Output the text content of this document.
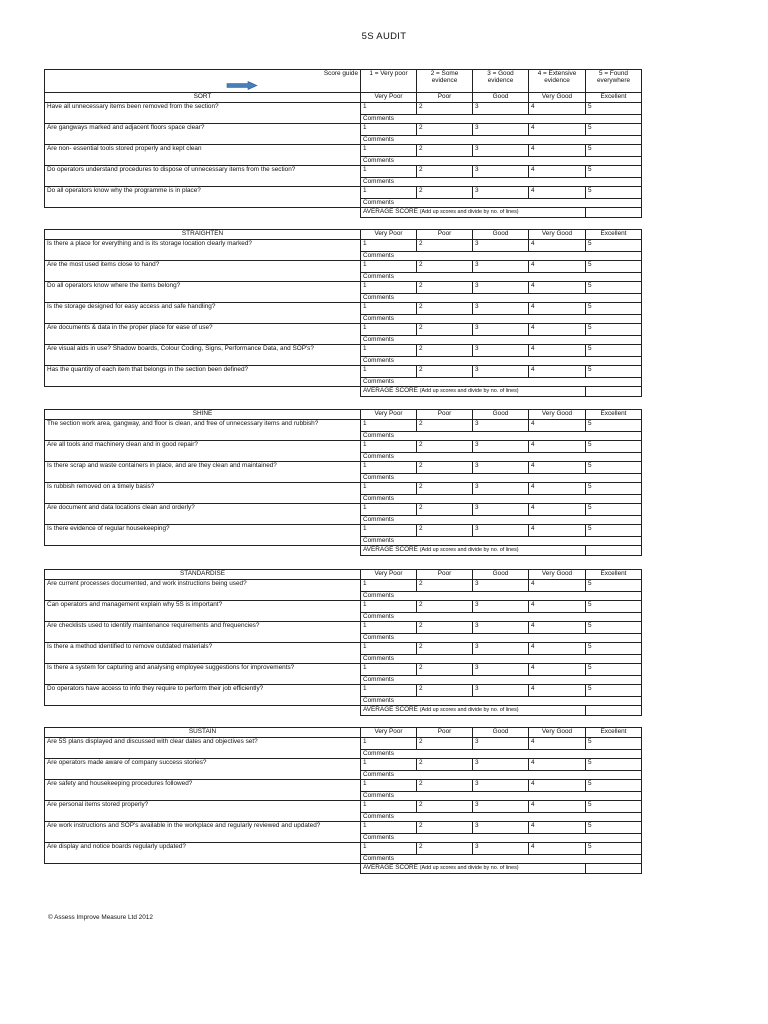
5S AUDIT
Score guide	1 = Very poor	2 = Some evidence	3 = Good evidence	4 = Extensive evidence	5 = Found everywhere
SORT	Very Poor	Poor	Good	Very Good	Excellent
Have all unnecessary items been removed from the section?	1	2	3	4	5
	Comments				
Are gangways marked and adjacent floors space clear?	1	2	3	4	5
	Comments				
Are non- essential tools stored properly and kept clean	1	2	3	4	5
	Comments				
Do operators understand procedures to dispose of unnecessary items from the section?	1	2	3	4	5
	Comments				
Do all operators know why the programme is in place?	1	2	3	4	5
	Comments				
	AVERAGE SCORE (Add up scores and divide by no. of lines)				
STRAIGHTEN	Very Poor	Poor	Good	Very Good	Excellent
Is there a place for everything and is its storage location clearly marked?	1	2	3	4	5
	Comments				
Are the most used items close to hand?	1	2	3	4	5
	Comments				
Do all operators know where the items belong?	1	2	3	4	5
	Comments				
Is the storage designed for easy access and safe handling?	1	2	3	4	5
	Comments				
Are documents & data in the proper place for ease of use?	1	2	3	4	5
	Comments				
Are visual aids in use? Shadow boards, Colour Coding, Signs, Performance Data, and SOP's?	1	2	3	4	5
	Comments				
Has the quantity of each item that belongs in the section been defined?	1	2	3	4	5
	Comments				
	AVERAGE SCORE (Add up scores and divide by no. of lines)				
SHINE	Very Poor	Poor	Good	Very Good	Excellent
The section work area, gangway, and floor is clean, and free of unnecessary items and rubbish?	1	2	3	4	5
	Comments				
Are all tools and machinery clean and in good repair?	1	2	3	4	5
	Comments				
Is there scrap and waste containers in place, and are they clean and maintained?	1	2	3	4	5
	Comments				
Is rubbish removed on a timely basis?	1	2	3	4	5
	Comments				
Are document and data locations clean and orderly?	1	2	3	4	5
	Comments				
Is there evidence of regular housekeeping?	1	2	3	4	5
	Comments				
	AVERAGE SCORE (Add up scores and divide by no. of lines)				
STANDARDISE	Very Poor	Poor	Good	Very Good	Excellent
Are current processes documented, and work instructions being used?	1	2	3	4	5
	Comments				
Can operators and management explain why 5S is important?	1	2	3	4	5
	Comments				
Are checklists used to identify maintenance requirements and frequencies?	1	2	3	4	5
	Comments				
Is there a method identified to remove outdated materials?	1	2	3	4	5
	Comments				
Is there a system for capturing and analysing employee suggestions for improvements?	1	2	3	4	5
	Comments				
Do operators have access to info they require to perform their job efficiently?	1	2	3	4	5
	Comments				
	AVERAGE SCORE (Add up scores and divide by no. of lines)				
SUSTAIN	Very Poor	Poor	Good	Very Good	Excellent
Are 5S plans displayed and discussed with clear dates and objectives set?	1	2	3	4	5
	Comments				
Are operators made aware of company success stories?	1	2	3	4	5
	Comments				
Are safety and housekeeping procedures followed?	1	2	3	4	5
	Comments				
Are personal items stored properly?	1	2	3	4	5
	Comments				
Are work instructions and SOP's available in the workplace and regularly reviewed and updated?	1	2	3	4	5
	Comments				
Are display and notice boards regularly updated?	1	2	3	4	5
	Comments				
	AVERAGE SCORE (Add up scores and divide by no. of lines)				
© Assess Improve Measure Ltd 2012
